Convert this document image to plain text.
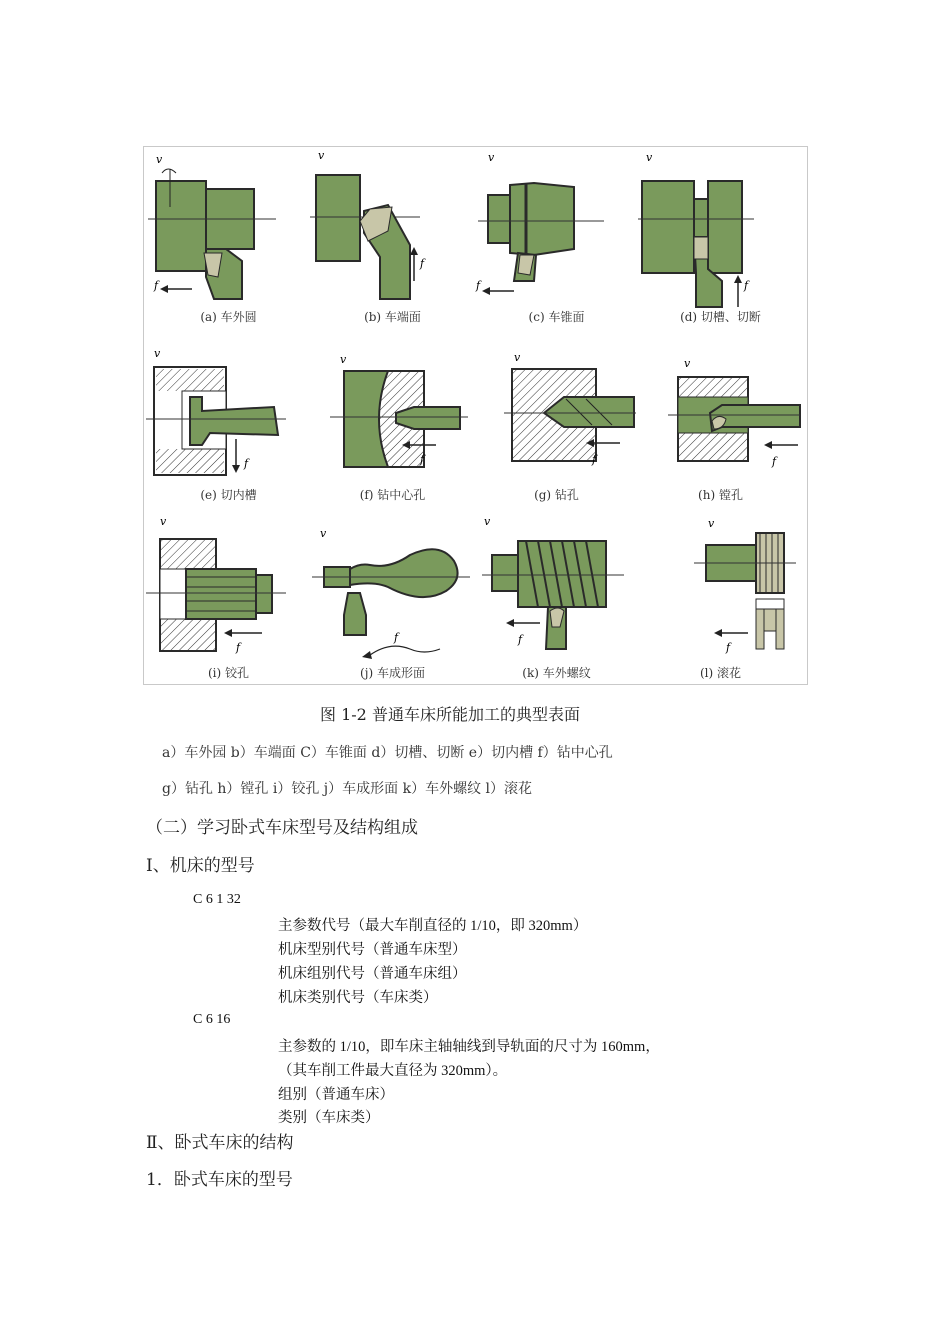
f
v
(a) 车外圆
f
v
(b) 车端面
f
v
(c) 车锥面
f
v
(d) 切槽、切断
f
v
(e) 切内槽
f
v
(f) 钻中心孔
f
v
(g) 钻孔
f
v
(h) 镗孔
f
v
(i) 铰孔
f
v
(j) 车成形面
f
v
(k) 车外螺纹
f
v
(l) 滚花
图 1-2 普通车床所能加工的典型表面
a）车外园 b）车端面 C）车锥面 d）切槽、切断 e）切内槽 f）钻中心孔
g）钻孔 h）镗孔 i）铰孔 j）车成形面 k）车外螺纹 l）滚花
（二）学习卧式车床型号及结构组成
Ⅰ、机床的型号
C 6 1 32
主参数代号（最大车削直径的 1/10，即 320mm）
机床型别代号（普通车床型）
机床组别代号（普通车床组）
机床类别代号（车床类）
C 6 16
主参数的 1/10，即车床主轴轴线到导轨面的尺寸为 160mm，
（其车削工件最大直径为 320mm）。
组别（普通车床）
类别（车床类）
Ⅱ、卧式车床的结构
1．卧式车床的型号
